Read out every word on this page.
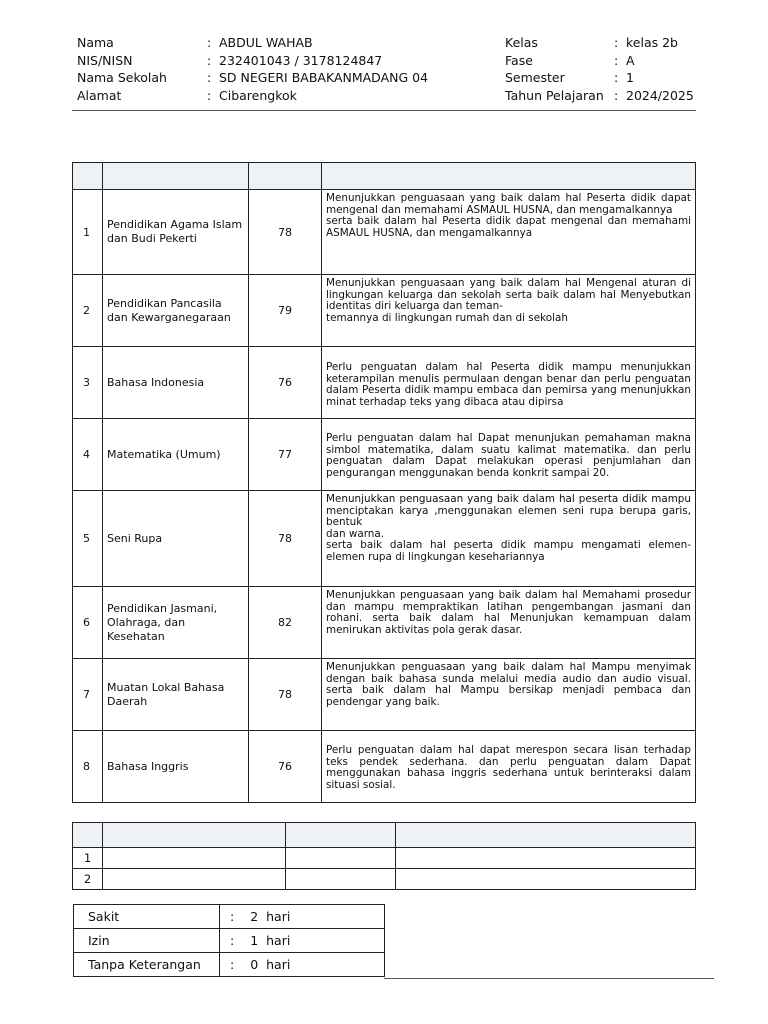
Nama	: ABDUL WAHAB
NIS/NISN	: 232401043 / 3178124847
Nama Sekolah	: SD NEGERI BABAKANMADANG 04
Alamat	: Cibarengkok
Kelas	: kelas 2b
Fase	: A
Semester	: 1
Tahun Pelajaran : 2024/2025

1	Pendidikan Agama Islam dan Budi Pekerti	78	Menunjukkan penguasaan yang baik dalam hal Peserta didik dapat mengenal dan memahami ASMAUL HUSNA, dan mengamalkannya
serta baik dalam hal Peserta didik dapat mengenal dan memahami ASMAUL HUSNA, dan mengamalkannya

2	Pendidikan Pancasila dan Kewarganegaraan	79	Menunjukkan penguasaan yang baik dalam hal Mengenal aturan di lingkungan keluarga dan sekolah serta baik dalam hal Menyebutkan identitas diri keluarga dan teman-
temannya di lingkungan rumah dan di sekolah

3	Bahasa Indonesia	76	Perlu penguatan dalam hal Peserta didik mampu menunjukkan keterampilan menulis permulaan dengan benar dan perlu penguatan dalam Peserta didik mampu embaca dan pemirsa yang menunjukkan minat terhadap teks yang dibaca atau dipirsa

4	Matematika (Umum)	77	Perlu penguatan dalam hal Dapat menunjukan pemahaman makna simbol matematika, dalam suatu kalimat matematika. dan perlu penguatan dalam Dapat melakukan operasi penjumlahan dan pengurangan menggunakan benda konkrit sampai 20.

5	Seni Rupa	78	Menunjukkan penguasaan yang baik dalam hal peserta didik mampu menciptakan karya ,menggunakan elemen seni rupa berupa garis, bentuk
dan warna.
serta baik dalam hal peserta didik mampu mengamati elemen-elemen rupa di lingkungan kesehariannya

6	Pendidikan Jasmani, Olahraga, dan Kesehatan	82	Menunjukkan penguasaan yang baik dalam hal Memahami prosedur dan mampu mempraktikan latihan pengembangan jasmani dan rohani. serta baik dalam hal Menunjukan kemampuan dalam menirukan aktivitas pola gerak dasar.

7	Muatan Lokal Bahasa Daerah	78	Menunjukkan penguasaan yang baik dalam hal Mampu menyimak dengan baik bahasa sunda melalui media audio dan audio visual. serta baik dalam hal Mampu bersikap menjadi pembaca dan pendengar yang baik.

8	Bahasa Inggris	76	Perlu penguatan dalam hal dapat merespon secara lisan terhadap teks pendek sederhana. dan perlu penguatan dalam Dapat menggunakan bahasa inggris sederhana untuk berinteraksi dalam situasi sosial.

1			
2			
Sakit	: 2 hari
Izin	: 1 hari
Tanpa Keterangan	: 0 hari
